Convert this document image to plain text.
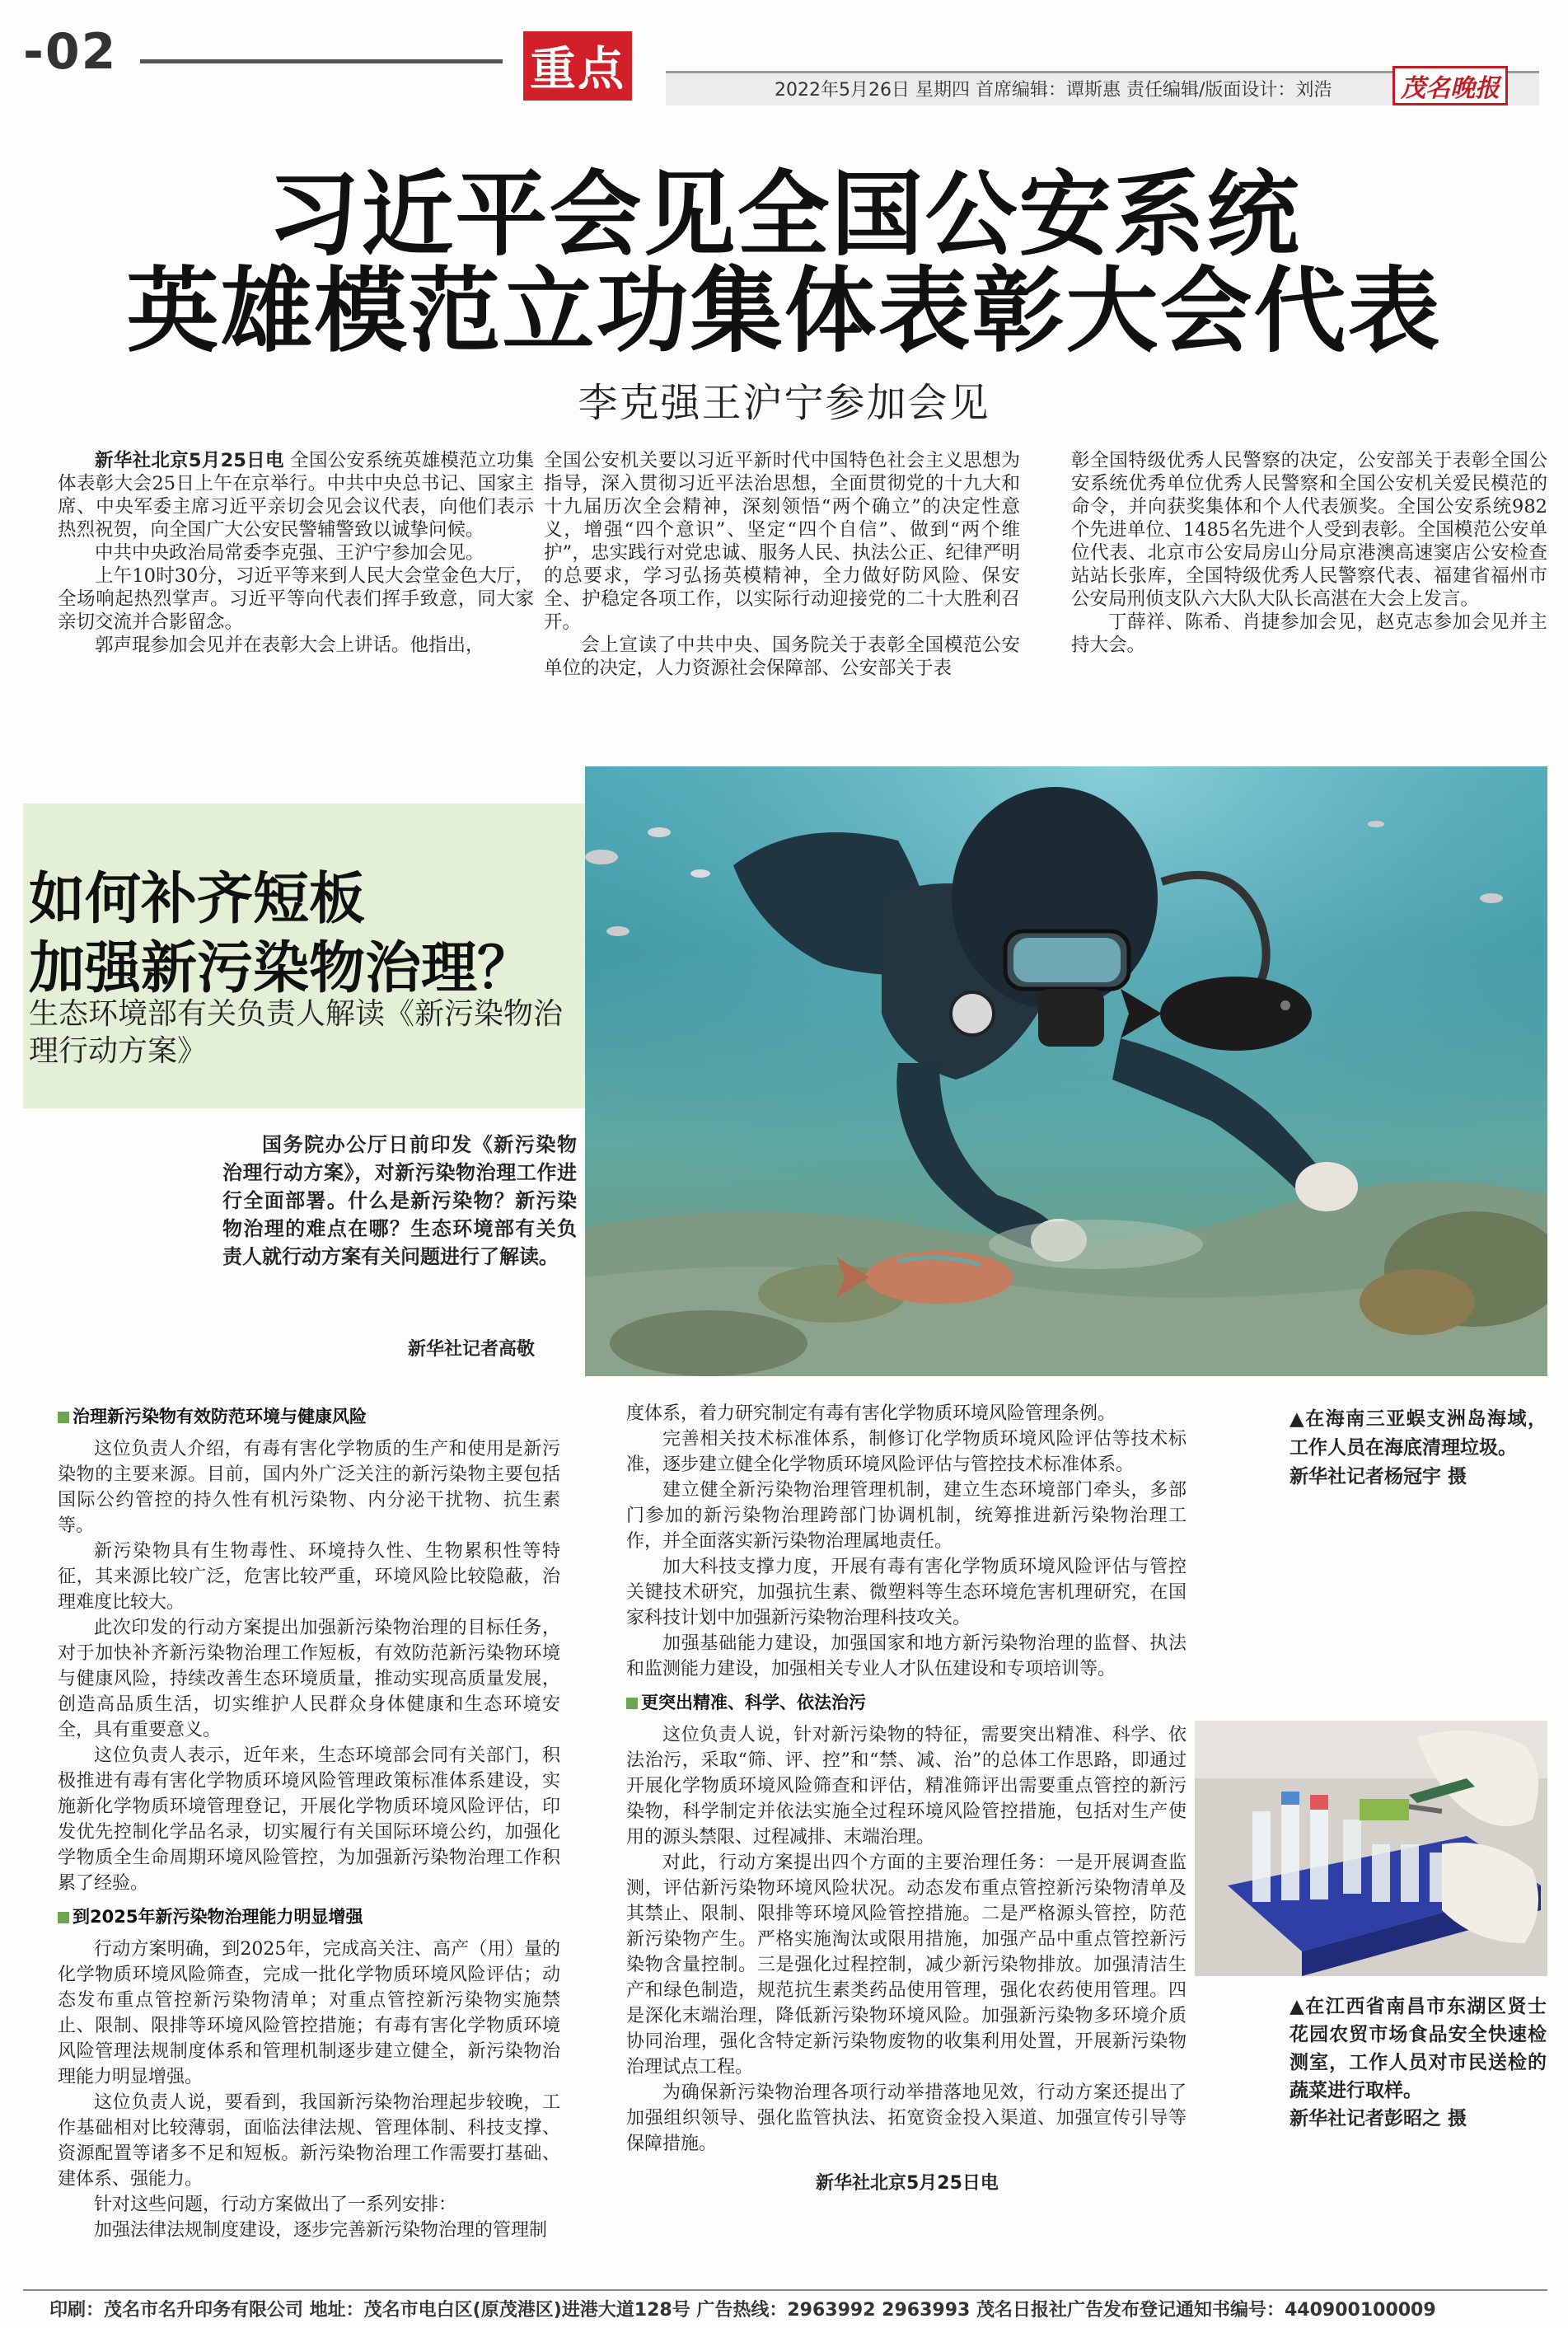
-02	重点	2022年5月26日 星期四 首席编辑：谭斯惠 责任编辑/版面设计：刘浩	茂名晚报
习近平会见全国公安系统
英雄模范立功集体表彰大会代表
李克强王沪宁参加会见

新华社北京5月25日电 全国公安系统英雄模范立功集体表彰大会25日上午在京举行。中共中央总书记、国家主席、中央军委主席习近平亲切会见会议代表，向他们表示热烈祝贺，向全国广大公安民警辅警致以诚挚问候。

中共中央政治局常委李克强、王沪宁参加会见。

上午10时30分，习近平等来到人民大会堂金色大厅，全场响起热烈掌声。习近平等向代表们挥手致意，同大家亲切交流并合影留念。

郭声琨参加会见并在表彰大会上讲话。他指出，

全国公安机关要以习近平新时代中国特色社会主义思想为指导，深入贯彻习近平法治思想，全面贯彻党的十九大和十九届历次全会精神，深刻领悟“两个确立”的决定性意义，增强“四个意识”、坚定“四个自信”、做到“两个维护”，忠实践行对党忠诚、服务人民、执法公正、纪律严明的总要求，学习弘扬英模精神，全力做好防风险、保安全、护稳定各项工作，以实际行动迎接党的二十大胜利召开。

会上宣读了中共中央、国务院关于表彰全国模范公安单位的决定，人力资源社会保障部、公安部关于表

彰全国特级优秀人民警察的决定，公安部关于表彰全国公安系统优秀单位优秀人民警察和全国公安机关爱民模范的命令，并向获奖集体和个人代表颁奖。全国公安系统982个先进单位、1485名先进个人受到表彰。全国模范公安单位代表、北京市公安局房山分局京港澳高速窦店公安检查站站长张库，全国特级优秀人民警察代表、福建省福州市公安局刑侦支队六大队大队长高湛在大会上发言。

丁薛祥、陈希、肖捷参加会见，赵克志参加会见并主持大会。

如何补齐短板
加强新污染物治理？
生态环境部有关负责人解读《新污染物治理行动方案》
国务院办公厅日前印发《新污染物治理行动方案》，对新污染物治理工作进行全面部署。什么是新污染物？新污染物治理的难点在哪？生态环境部有关负责人就行动方案有关问题进行了解读。
新华社记者高敬
▲在海南三亚蜈支洲岛海域，工作人员在海底清理垃圾。
新华社记者杨冠宇 摄
▲在江西省南昌市东湖区贤士花园农贸市场食品安全快速检测室，工作人员对市民送检的蔬菜进行取样。
新华社记者彭昭之 摄
治理新污染物有效防范环境与健康风险

这位负责人介绍，有毒有害化学物质的生产和使用是新污染物的主要来源。目前，国内外广泛关注的新污染物主要包括国际公约管控的持久性有机污染物、内分泌干扰物、抗生素等。

新污染物具有生物毒性、环境持久性、生物累积性等特征，其来源比较广泛，危害比较严重，环境风险比较隐蔽，治理难度比较大。

此次印发的行动方案提出加强新污染物治理的目标任务，对于加快补齐新污染物治理工作短板，有效防范新污染物环境与健康风险，持续改善生态环境质量，推动实现高质量发展，创造高品质生活，切实维护人民群众身体健康和生态环境安全，具有重要意义。

这位负责人表示，近年来，生态环境部会同有关部门，积极推进有毒有害化学物质环境风险管理政策标准体系建设，实施新化学物质环境管理登记，开展化学物质环境风险评估，印发优先控制化学品名录，切实履行有关国际环境公约，加强化学物质全生命周期环境风险管控，为加强新污染物治理工作积累了经验。

到2025年新污染物治理能力明显增强

行动方案明确，到2025年，完成高关注、高产（用）量的化学物质环境风险筛查，完成一批化学物质环境风险评估；动态发布重点管控新污染物清单；对重点管控新污染物实施禁止、限制、限排等环境风险管控措施；有毒有害化学物质环境风险管理法规制度体系和管理机制逐步建立健全，新污染物治理能力明显增强。

这位负责人说，要看到，我国新污染物治理起步较晚，工作基础相对比较薄弱，面临法律法规、管理体制、科技支撑、资源配置等诸多不足和短板。新污染物治理工作需要打基础、建体系、强能力。

针对这些问题，行动方案做出了一系列安排：

加强法律法规制度建设，逐步完善新污染物治理的管理制

度体系，着力研究制定有毒有害化学物质环境风险管理条例。

完善相关技术标准体系，制修订化学物质环境风险评估等技术标准，逐步建立健全化学物质环境风险评估与管控技术标准体系。

建立健全新污染物治理管理机制，建立生态环境部门牵头，多部门参加的新污染物治理跨部门协调机制，统筹推进新污染物治理工作，并全面落实新污染物治理属地责任。

加大科技支撑力度，开展有毒有害化学物质环境风险评估与管控关键技术研究，加强抗生素、微塑料等生态环境危害机理研究，在国家科技计划中加强新污染物治理科技攻关。

加强基础能力建设，加强国家和地方新污染物治理的监督、执法和监测能力建设，加强相关专业人才队伍建设和专项培训等。

更突出精准、科学、依法治污

这位负责人说，针对新污染物的特征，需要突出精准、科学、依法治污，采取“筛、评、控”和“禁、减、治”的总体工作思路，即通过开展化学物质环境风险筛查和评估，精准筛评出需要重点管控的新污染物，科学制定并依法实施全过程环境风险管控措施，包括对生产使用的源头禁限、过程减排、末端治理。

对此，行动方案提出四个方面的主要治理任务：一是开展调查监测，评估新污染物环境风险状况。动态发布重点管控新污染物清单及其禁止、限制、限排等环境风险管控措施。二是严格源头管控，防范新污染物产生。严格实施淘汰或限用措施，加强产品中重点管控新污染物含量控制。三是强化过程控制，减少新污染物排放。加强清洁生产和绿色制造，规范抗生素类药品使用管理，强化农药使用管理。四是深化末端治理，降低新污染物环境风险。加强新污染物多环境介质协同治理，强化含特定新污染物废物的收集利用处置，开展新污染物治理试点工程。

为确保新污染物治理各项行动举措落地见效，行动方案还提出了加强组织领导、强化监管执法、拓宽资金投入渠道、加强宣传引导等保障措施。

新华社北京5月25日电
印刷：茂名市名升印务有限公司 地址：茂名市电白区(原茂港区)进港大道128号 广告热线：2963992 2963993 茂名日报社广告发布登记通知书编号：440900100009
